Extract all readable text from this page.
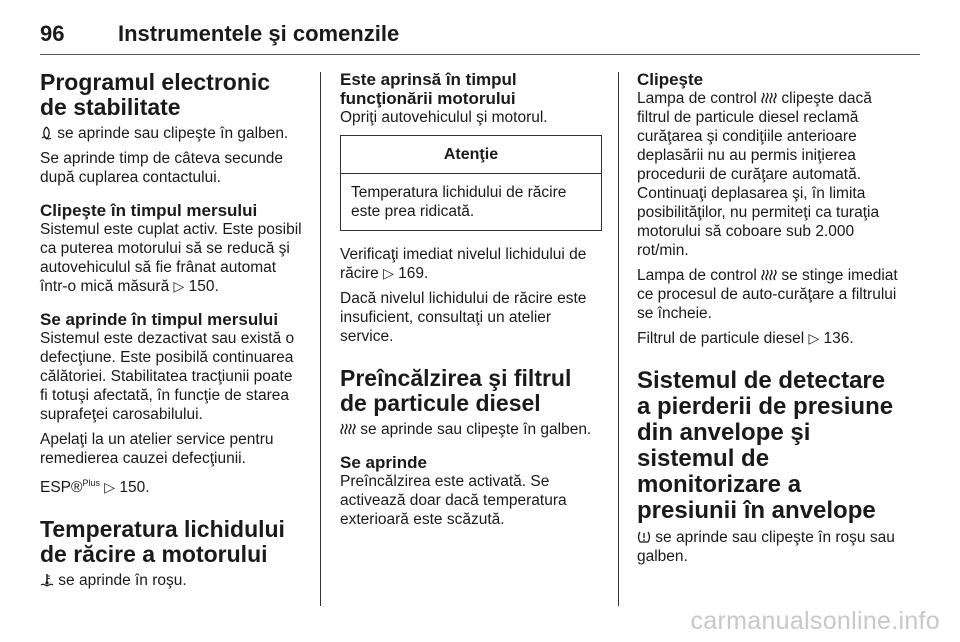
96	Instrumentele şi comenzile
Programul electronic de stabilitate

se aprinde sau clipeşte în galben.

Se aprinde timp de câteva secunde după cuplarea contactului.

Clipeşte în timpul mersului

Sistemul este cuplat activ. Este posibil ca puterea motorului să se reducă şi autovehiculul să fie frânat automat într-o mică măsură ▷ 150.

Se aprinde în timpul mersului

Sistemul este dezactivat sau există o defecţiune. Este posibilă continuarea călătoriei. Stabilitatea tracţiunii poate fi totuşi afectată, în funcţie de starea suprafeţei carosabilului.

Apelaţi la un atelier service pentru remedierea cauzei defecţiunii.

ESP®$^{Plus}$ ▷ 150.

Temperatura lichidului de răcire a motorului

se aprinde în roşu.

Este aprinsă în timpul funcţionării motorului

Opriţi autovehiculul şi motorul.

Atenţie
Temperatura lichidului de răcire este prea ridicată.

Verificaţi imediat nivelul lichidului de răcire ▷ 169.

Dacă nivelul lichidului de răcire este insuficient, consultaţi un atelier service.

Preîncălzirea şi filtrul de particule diesel

se aprinde sau clipeşte în galben.

Se aprinde

Preîncălzirea este activată. Se activează doar dacă temperatura exterioară este scăzută.

Clipeşte

Lampa de control  clipeşte dacă filtrul de particule diesel reclamă curăţarea şi condiţiile anterioare deplasării nu au permis iniţierea procedurii de curăţare automată. Continuaţi deplasarea şi, în limita posibilităţilor, nu permiteţi ca turaţia motorului să coboare sub 2.000 rot/min.

Lampa de control  se stinge imediat ce procesul de auto-curăţare a filtrului se încheie.

Filtrul de particule diesel ▷ 136.

Sistemul de detectare a pierderii de presiune din anvelope şi sistemul de monitorizare a presiunii în anvelope

se aprinde sau clipeşte în roşu sau galben.

carmanualsonline.info
